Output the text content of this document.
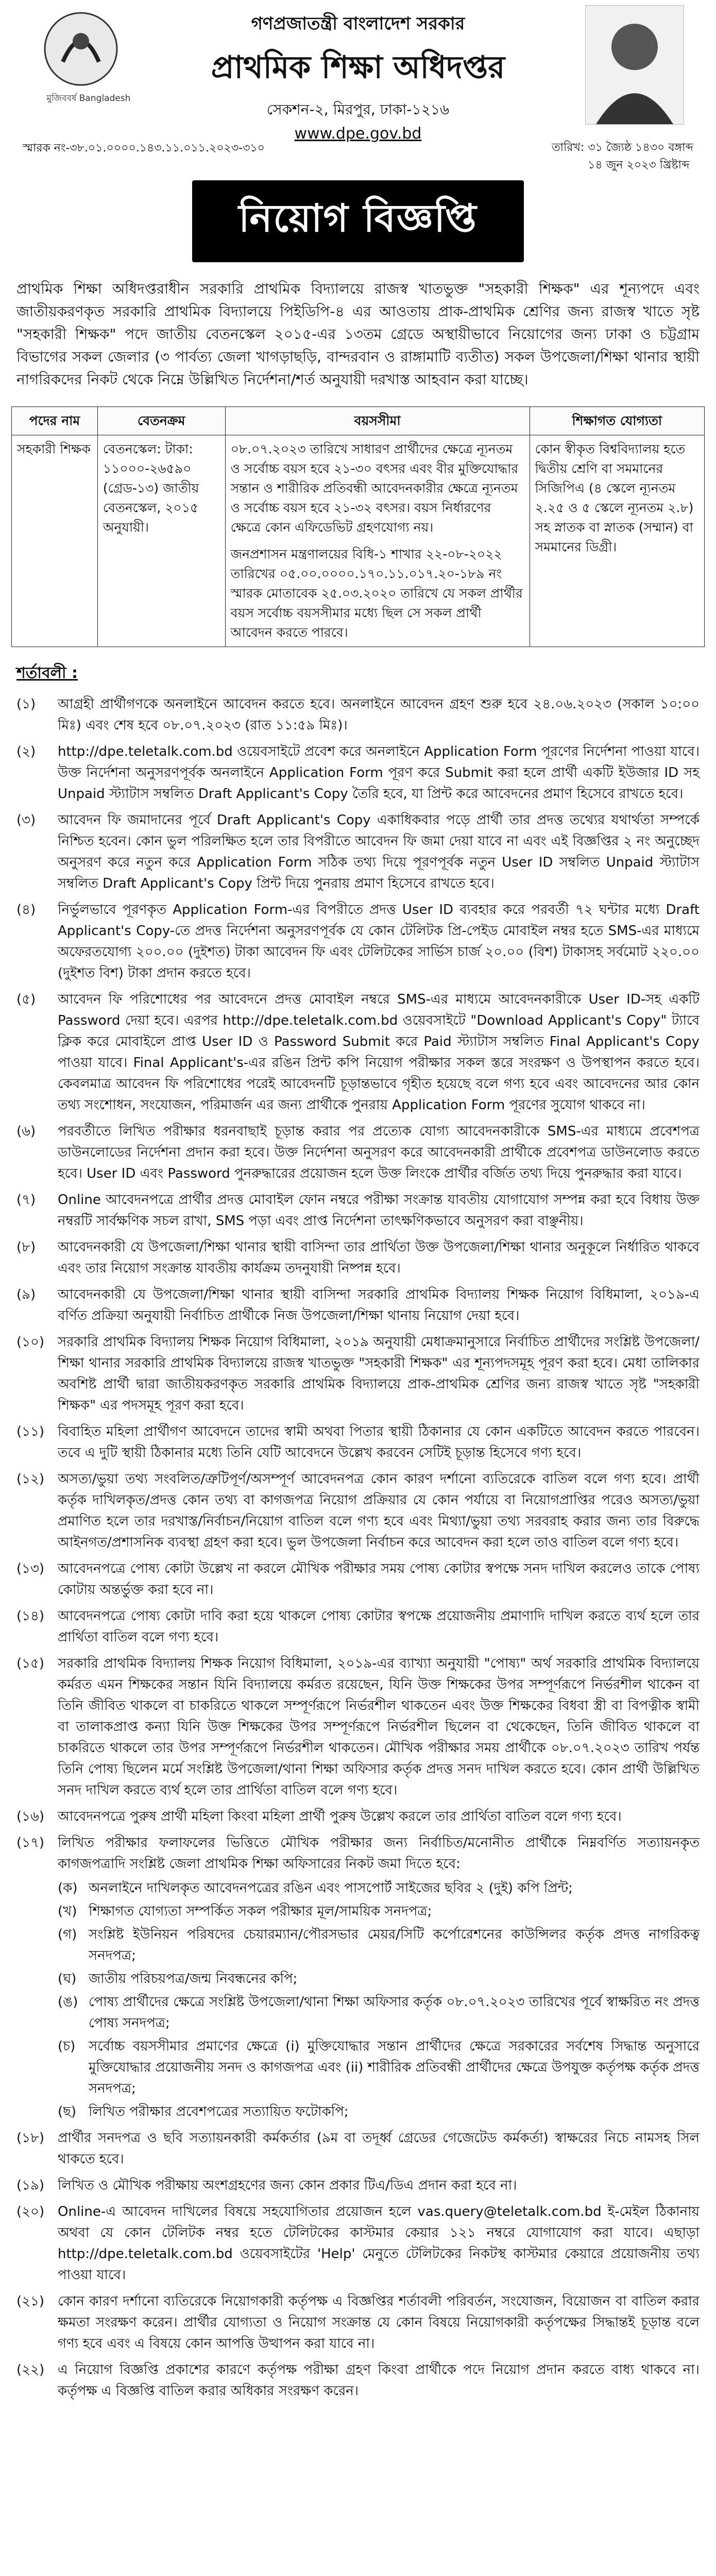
মুজিববর্ষ Bangladesh
গণপ্রজাতন্ত্রী বাংলাদেশ সরকার
প্রাথমিক শিক্ষা অধিদপ্তর
সেকশন-২, মিরপুর, ঢাকা-১২১৬
www.dpe.gov.bd
স্মারক নং-৩৮.০১.০০০০.১৪৩.১১.০১১.২০২৩-৩১০	তারিখ: ৩১ জ্যৈষ্ঠ ১৪৩০ বঙ্গাব্দ
১৪ জুন ২০২৩ খ্রিষ্টাব্দ
নিয়োগ বিজ্ঞপ্তি
প্রাথমিক শিক্ষা অধিদপ্তরাধীন সরকারি প্রাথমিক বিদ্যালয়ে রাজস্ব খাতভুক্ত "সহকারী শিক্ষক" এর শূন্যপদে এবং জাতীয়করণকৃত সরকারি প্রাথমিক বিদ্যালয়ে পিইডিপি-৪ এর আওতায় প্রাক-প্রাথমিক শ্রেণির জন্য রাজস্ব খাতে সৃষ্ট "সহকারী শিক্ষক" পদে জাতীয় বেতনস্কেল ২০১৫-এর ১৩তম গ্রেডে অস্থায়ীভাবে নিয়োগের জন্য ঢাকা ও চট্টগ্রাম বিভাগের সকল জেলার (৩ পার্বত্য জেলা খাগড়াছড়ি, বান্দরবান ও রাঙ্গামাটি ব্যতীত) সকল উপজেলা/শিক্ষা থানার স্থায়ী নাগরিকদের নিকট থেকে নিম্নে উল্লিখিত নির্দেশনা/শর্ত অনুযায়ী দরখাস্ত আহবান করা যাচ্ছে।
পদের নাম	বেতনক্রম	বয়সসীমা	শিক্ষাগত যোগ্যতা
সহকারী শিক্ষক	বেতনস্কেল: টাকা: ১১০০০-২৬৫৯০ (গ্রেড-১৩) জাতীয় বেতনস্কেল, ২০১৫ অনুযায়ী।	০৮.০৭.২০২৩ তারিখে সাধারণ প্রার্থীদের ক্ষেত্রে ন্যূনতম ও সর্বোচ্চ বয়স হবে ২১-৩০ বৎসর এবং বীর মুক্তিযোদ্ধার সন্তান ও শারীরিক প্রতিবন্ধী আবেদনকারীর ক্ষেত্রে ন্যূনতম ও সর্বোচ্চ বয়স হবে ২১-৩২ বৎসর। বয়স নির্ধারণের ক্ষেত্রে কোন এফিডেভিট গ্রহণযোগ্য নয়।
জনপ্রশাসন মন্ত্রণালয়ের বিধি-১ শাখার ২২-০৮-২০২২ তারিখের ০৫.০০.০০০০.১৭০.১১.০১৭.২০-১৮৯ নং স্মারক মোতাবেক ২৫.০৩.২০২০ তারিখে যে সকল প্রার্থীর বয়স সর্বোচ্চ বয়সসীমার মধ্যে ছিল সে সকল প্রার্থী আবেদন করতে পারবে।	কোন স্বীকৃত বিশ্ববিদ্যালয় হতে দ্বিতীয় শ্রেণি বা সমমানের সিজিপিএ (৪ স্কেলে ন্যূনতম ২.২৫ ও ৫ স্কেলে ন্যূনতম ২.৮) সহ স্নাতক বা স্নাতক (সম্মান) বা সমমানের ডিগ্রী।
শর্তাবলী :
(১)	আগ্রহী প্রার্থীগণকে অনলাইনে আবেদন করতে হবে। অনলাইনে আবেদন গ্রহণ শুরু হবে ২৪.০৬.২০২৩ (সকাল ১০:০০ মিঃ) এবং শেষ হবে ০৮.০৭.২০২৩ (রাত ১১:৫৯ মিঃ)।
(২)	http://dpe.teletalk.com.bd ওয়েবসাইটে প্রবেশ করে অনলাইনে Application Form পূরণের নির্দেশনা পাওয়া যাবে। উক্ত নির্দেশনা অনুসরণপূর্বক অনলাইনে Application Form পূরণ করে Submit করা হলে প্রার্থী একটি ইউজার ID সহ Unpaid স্ট্যাটাস সম্বলিত Draft Applicant's Copy তৈরি হবে, যা প্রিন্ট করে আবেদনের প্রমাণ হিসেবে রাখতে হবে।
(৩)	আবেদন ফি জমাদানের পূর্বে Draft Applicant's Copy একাধিকবার পড়ে প্রার্থী তার প্রদত্ত তথ্যের যথার্থতা সম্পর্কে নিশ্চিত হবেন। কোন ভুল পরিলক্ষিত হলে তার বিপরীতে আবেদন ফি জমা দেয়া যাবে না এবং এই বিজ্ঞপ্তির ২ নং অনুচ্ছেদ অনুসরণ করে নতুন করে Application Form সঠিক তথ্য দিয়ে পূরণপূর্বক নতুন User ID সম্বলিত Unpaid স্ট্যাটাস সম্বলিত Draft Applicant's Copy প্রিন্ট দিয়ে পুনরায় প্রমাণ হিসেবে রাখতে হবে।
(৪)	নির্ভুলভাবে পূরণকৃত Application Form-এর বিপরীতে প্রদত্ত User ID ব্যবহার করে পরবর্তী ৭২ ঘন্টার মধ্যে Draft Applicant's Copy-তে প্রদত্ত নির্দেশনা অনুসরণপূর্বক যে কোন টেলিটক প্রি-পেইড মোবাইল নম্বর হতে SMS-এর মাধ্যমে অফেরতযোগ্য ২০০.০০ (দুইশত) টাকা আবেদন ফি এবং টেলিটকের সার্ভিস চার্জ ২০.০০ (বিশ) টাকাসহ সর্বমোট ২২০.০০ (দুইশত বিশ) টাকা প্রদান করতে হবে।
(৫)	আবেদন ফি পরিশোধের পর আবেদনে প্রদত্ত মোবাইল নম্বরে SMS-এর মাধ্যমে আবেদনকারীকে User ID-সহ একটি Password দেয়া হবে। এরপর http://dpe.teletalk.com.bd ওয়েবসাইটে "Download Applicant's Copy" ট্যাবে ক্লিক করে মোবাইলে প্রাপ্ত User ID ও Password Submit করে Paid স্ট্যাটাস সম্বলিত Final Applicant's Copy পাওয়া যাবে। Final Applicant's-এর রঙিন প্রিন্ট কপি নিয়োগ পরীক্ষার সকল স্তরে সংরক্ষণ ও উপস্থাপন করতে হবে। কেবলমাত্র আবেদন ফি পরিশোধের পরেই আবেদনটি চূড়ান্তভাবে গৃহীত হয়েছে বলে গণ্য হবে এবং আবেদনের আর কোন তথ্য সংশোধন, সংযোজন, পরিমার্জন এর জন্য প্রার্থীকে পুনরায় Application Form পূরণের সুযোগ থাকবে না।
(৬)	পরবর্তীতে লিখিত পরীক্ষার ধরনবাছাই চূড়ান্ত করার পর প্রত্যেক যোগ্য আবেদনকারীকে SMS-এর মাধ্যমে প্রবেশপত্র ডাউনলোডের নির্দেশনা প্রদান করা হবে। উক্ত নির্দেশনা অনুসরণ করে আবেদনকারী প্রার্থীকে প্রবেশপত্র ডাউনলোড করতে হবে। User ID এবং Password পুনরুদ্ধারের প্রয়োজন হলে উক্ত লিংকে প্রার্থীর বর্জিত তথ্য দিয়ে পুনরুদ্ধার করা যাবে।
(৭)	Online আবেদনপত্রে প্রার্থীর প্রদত্ত মোবাইল ফোন নম্বরে পরীক্ষা সংক্রান্ত যাবতীয় যোগাযোগ সম্পন্ন করা হবে বিধায় উক্ত নম্বরটি সার্বক্ষণিক সচল রাখা, SMS পড়া এবং প্রাপ্ত নির্দেশনা তাৎক্ষণিকভাবে অনুসরণ করা বাঞ্ছনীয়।
(৮)	আবেদনকারী যে উপজেলা/শিক্ষা থানার স্থায়ী বাসিন্দা তার প্রার্থিতা উক্ত উপজেলা/শিক্ষা থানার অনুকূলে নির্ধারিত থাকবে এবং তার নিয়োগ সংক্রান্ত যাবতীয় কার্যক্রম তদনুযায়ী নিষ্পন্ন হবে।
(৯)	আবেদনকারী যে উপজেলা/শিক্ষা থানার স্থায়ী বাসিন্দা সরকারি প্রাথমিক বিদ্যালয় শিক্ষক নিয়োগ বিধিমালা, ২০১৯-এ বর্ণিত প্রক্রিয়া অনুযায়ী নির্বাচিত প্রার্থীকে নিজ উপজেলা/শিক্ষা থানায় নিয়োগ দেয়া হবে।
(১০) সরকারি প্রাথমিক বিদ্যালয় শিক্ষক নিয়োগ বিধিমালা, ২০১৯ অনুযায়ী মেধাক্রমানুসারে নির্বাচিত প্রার্থীদের সংশ্লিষ্ট উপজেলা/শিক্ষা থানার সরকারি প্রাথমিক বিদ্যালয়ে রাজস্ব খাতভুক্ত "সহকারী শিক্ষক" এর শূন্যপদসমূহ পূরণ করা হবে। মেধা তালিকার অবশিষ্ট প্রার্থী দ্বারা জাতীয়করণকৃত সরকারি প্রাথমিক বিদ্যালয়ে প্রাক-প্রাথমিক শ্রেণির জন্য রাজস্ব খাতে সৃষ্ট "সহকারী শিক্ষক" এর পদসমূহ পূরণ করা হবে।
(১১) বিবাহিত মহিলা প্রার্থীগণ আবেদনে তাদের স্বামী অথবা পিতার স্থায়ী ঠিকানার যে কোন একটিতে আবেদন করতে পারবেন। তবে এ দুটি স্থায়ী ঠিকানার মধ্যে তিনি যেটি আবেদনে উল্লেখ করবেন সেটিই চূড়ান্ত হিসেবে গণ্য হবে।
(১২) অসত্য/ভুয়া তথ্য সংবলিত/ত্রুটিপূর্ণ/অসম্পূর্ণ আবেদনপত্র কোন কারণ দর্শানো ব্যতিরেকে বাতিল বলে গণ্য হবে। প্রার্থী কর্তৃক দাখিলকৃত/প্রদত্ত কোন তথ্য বা কাগজপত্র নিয়োগ প্রক্রিয়ার যে কোন পর্যায়ে বা নিয়োগপ্রাপ্তির পরেও অসত্য/ভুয়া প্রমাণিত হলে তার দরখাস্ত/নির্বাচন/নিয়োগ বাতিল বলে গণ্য হবে এবং মিথ্যা/ভুয়া তথ্য সরবরাহ করার জন্য তার বিরুদ্ধে আইনগত/প্রশাসনিক ব্যবস্থা গ্রহণ করা হবে। ভুল উপজেলা নির্বাচন করে আবেদন করা হলে তাও বাতিল বলে গণ্য হবে।
(১৩) আবেদনপত্রে পোষ্য কোটা উল্লেখ না করলে মৌখিক পরীক্ষার সময় পোষ্য কোটার স্বপক্ষে সনদ দাখিল করলেও তাকে পোষ্য কোটায় অন্তর্ভুক্ত করা হবে না।
(১৪) আবেদনপত্রে পোষ্য কোটা দাবি করা হয়ে থাকলে পোষ্য কোটার স্বপক্ষে প্রয়োজনীয় প্রমাণাদি দাখিল করতে ব্যর্থ হলে তার প্রার্থিতা বাতিল বলে গণ্য হবে।
(১৫) সরকারি প্রাথমিক বিদ্যালয় শিক্ষক নিয়োগ বিধিমালা, ২০১৯-এর ব্যাখ্যা অনুযায়ী "পোষ্য" অর্থ সরকারি প্রাথমিক বিদ্যালয়ে কর্মরত এমন শিক্ষকের সন্তান যিনি বিদ্যালয়ে কর্মরত রয়েছেন, যিনি উক্ত শিক্ষকের উপর সম্পূর্ণরূপে নির্ভরশীল থাকেন বা তিনি জীবিত থাকলে বা চাকরিতে থাকলে সম্পূর্ণরূপে নির্ভরশীল থাকতেন এবং উক্ত শিক্ষকের বিধবা স্ত্রী বা বিপত্নীক স্বামী বা তালাকপ্রাপ্ত কন্যা যিনি উক্ত শিক্ষকের উপর সম্পূর্ণরূপে নির্ভরশীল ছিলেন বা থেকেছেন, তিনি জীবিত থাকলে বা চাকরিতে থাকলে তার উপর সম্পূর্ণরূপে নির্ভরশীল থাকতেন। মৌখিক পরীক্ষার সময় প্রার্থীকে ০৮.০৭.২০২৩ তারিখ পর্যন্ত তিনি পোষ্য ছিলেন মর্মে সংশ্লিষ্ট উপজেলা/থানা শিক্ষা অফিসার কর্তৃক প্রদত্ত সনদ দাখিল করতে হবে। কোন প্রার্থী উল্লিখিত সনদ দাখিল করতে ব্যর্থ হলে তার প্রার্থিতা বাতিল বলে গণ্য হবে।
(১৬) আবেদনপত্রে পুরুষ প্রার্থী মহিলা কিংবা মহিলা প্রার্থী পুরুষ উল্লেখ করলে তার প্রার্থিতা বাতিল বলে গণ্য হবে।
(১৭) লিখিত পরীক্ষার ফলাফলের ভিত্তিতে মৌখিক পরীক্ষার জন্য নির্বাচিত/মনোনীত প্রার্থীকে নিম্নবর্ণিত সত্যায়নকৃত কাগজপত্রাদি সংশ্লিষ্ট জেলা প্রাথমিক শিক্ষা অফিসারের নিকট জমা দিতে হবে:
(ক) অনলাইনে দাখিলকৃত আবেদনপত্রের রঙিন এবং পাসপোর্ট সাইজের ছবির ২ (দুই) কপি প্রিন্ট;
(খ) শিক্ষাগত যোগ্যতা সম্পর্কিত সকল পরীক্ষার মূল/সাময়িক সনদপত্র;
(গ) সংশ্লিষ্ট ইউনিয়ন পরিষদের চেয়ারম্যান/পৌরসভার মেয়র/সিটি কর্পোরেশনের কাউন্সিলর কর্তৃক প্রদত্ত নাগরিকত্ব সনদপত্র;
(ঘ) জাতীয় পরিচয়পত্র/জন্ম নিবন্ধনের কপি;
(ঙ) পোষ্য প্রার্থীদের ক্ষেত্রে সংশ্লিষ্ট উপজেলা/থানা শিক্ষা অফিসার কর্তৃক ০৮.০৭.২০২৩ তারিখের পূর্বে স্বাক্ষরিত নং প্রদত্ত পোষ্য সনদপত্র;
(চ) সর্বোচ্চ বয়সসীমার প্রমাণের ক্ষেত্রে (i) মুক্তিযোদ্ধার সন্তান প্রার্থীদের ক্ষেত্রে সরকারের সর্বশেষ সিদ্ধান্ত অনুসারে মুক্তিযোদ্ধার প্রয়োজনীয় সনদ ও কাগজপত্র এবং (ii) শারীরিক প্রতিবন্ধী প্রার্থীদের ক্ষেত্রে উপযুক্ত কর্তৃপক্ষ কর্তৃক প্রদত্ত সনদপত্র;
(ছ) লিখিত পরীক্ষার প্রবেশপত্রের সত্যায়িত ফটোকপি;
(১৮) প্রার্থীর সনদপত্র ও ছবি সত্যায়নকারী কর্মকর্তার (৯ম বা তদূর্ধ্ব গ্রেডের গেজেটেড কর্মকর্তা) স্বাক্ষরের নিচে নামসহ সিল থাকতে হবে।
(১৯) লিখিত ও মৌখিক পরীক্ষায় অংশগ্রহণের জন্য কোন প্রকার টিএ/ডিএ প্রদান করা হবে না।
(২০) Online-এ আবেদন দাখিলের বিষয়ে সহযোগিতার প্রয়োজন হলে vas.query@teletalk.com.bd ই-মেইল ঠিকানায় অথবা যে কোন টেলিটক নম্বর হতে টেলিটকের কাস্টমার কেয়ার ১২১ নম্বরে যোগাযোগ করা যাবে। এছাড়া http://dpe.teletalk.com.bd ওয়েবসাইটের 'Help' মেনুতে টেলিটকের নিকটস্থ কাস্টমার কেয়ারে প্রয়োজনীয় তথ্য পাওয়া যাবে।
(২১) কোন কারণ দর্শানো ব্যতিরেকে নিয়োগকারী কর্তৃপক্ষ এ বিজ্ঞপ্তির শর্তাবলী পরিবর্তন, সংযোজন, বিয়োজন বা বাতিল করার ক্ষমতা সংরক্ষণ করেন। প্রার্থীর যোগ্যতা ও নিয়োগ সংক্রান্ত যে কোন বিষয়ে নিয়োগকারী কর্তৃপক্ষের সিদ্ধান্তই চূড়ান্ত বলে গণ্য হবে এবং এ বিষয়ে কোন আপত্তি উত্থাপন করা যাবে না।
(২২) এ নিয়োগ বিজ্ঞপ্তি প্রকাশের কারণে কর্তৃপক্ষ পরীক্ষা গ্রহণ কিংবা প্রার্থীকে পদে নিয়োগ প্রদান করতে বাধ্য থাকবে না। কর্তৃপক্ষ এ বিজ্ঞপ্তি বাতিল করার অধিকার সংরক্ষণ করেন।
